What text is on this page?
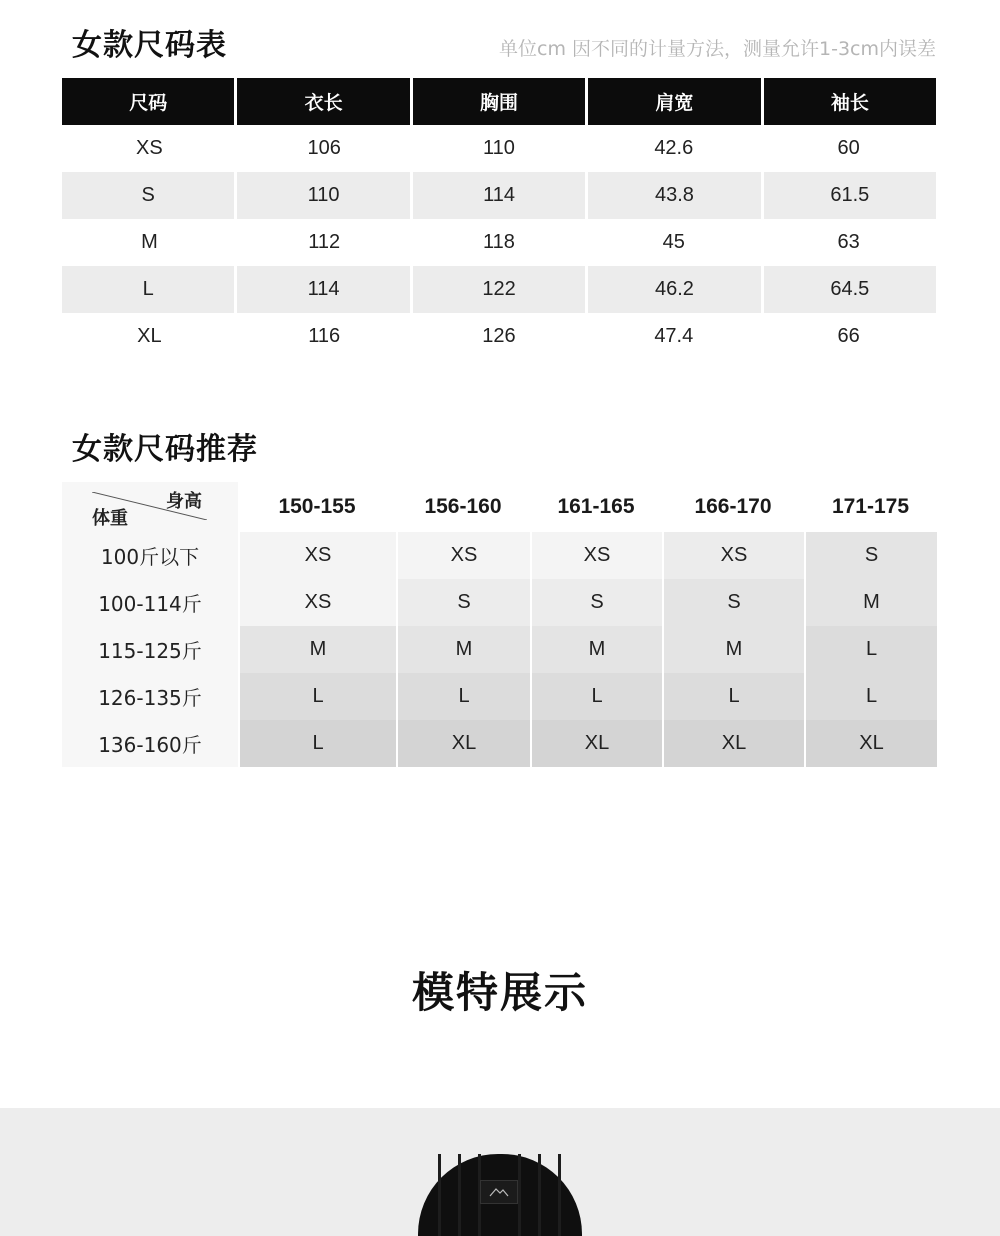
女款尺码表	单位cm 因不同的计量方法，测量允许1-3cm内误差
尺码	衣长	胸围	肩宽	袖长
XS	106	110	42.6	60
S	110	114	43.8	61.5
M	112	118	45	63
L	114	122	46.2	64.5
XL	116	126	47.4	66
女款尺码推荐
身高
体重
150-155	156-160	161-165	166-170	171-175
100斤以下	XS	XS	XS	XS	S
100-114斤	XS	S	S	S	M
115-125斤	M	M	M	M	L
126-135斤	L	L	L	L	L
136-160斤	L	XL	XL	XL	XL
模特展示
